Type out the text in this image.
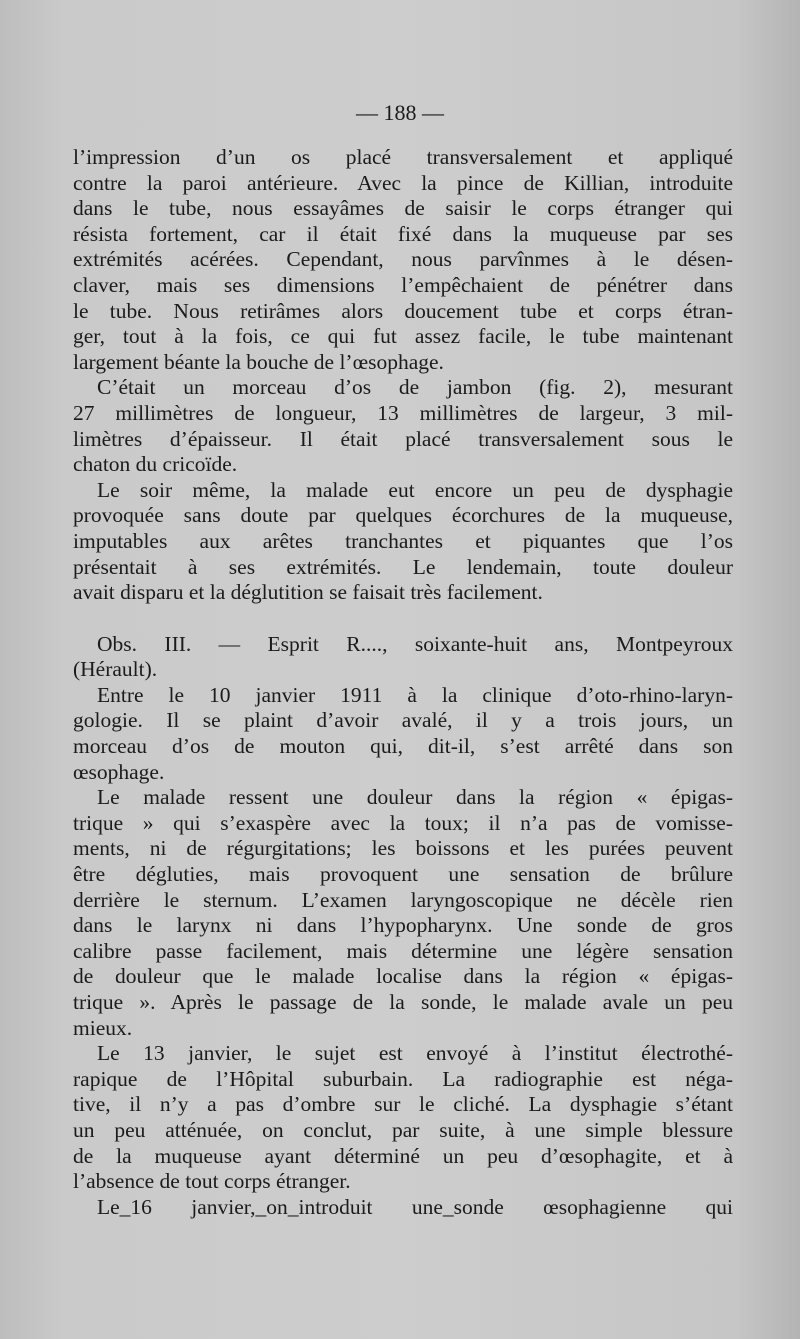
— 188 —
l’impression d’un os placé transversalement et appliqué
contre la paroi antérieure. Avec la pince de Killian, introduite
dans le tube, nous essayâmes de saisir le corps étranger qui
résista fortement, car il était fixé dans la muqueuse par ses
extrémités acérées. Cependant, nous parvînmes à le désen-
claver, mais ses dimensions l’empêchaient de pénétrer dans
le tube. Nous retirâmes alors doucement tube et corps étran-
ger, tout à la fois, ce qui fut assez facile, le tube maintenant
largement béante la bouche de l’œsophage.
C’était un morceau d’os de jambon (fig. 2), mesurant
27 millimètres de longueur, 13 millimètres de largeur, 3 mil-
limètres d’épaisseur. Il était placé transversalement sous le
chaton du cricoïde.
Le soir même, la malade eut encore un peu de dysphagie
provoquée sans doute par quelques écorchures de la muqueuse,
imputables aux arêtes tranchantes et piquantes que l’os
présentait à ses extrémités. Le lendemain, toute douleur
avait disparu et la déglutition se faisait très facilement.
Obs. III. — Esprit R...., soixante-huit ans, Montpeyroux
(Hérault).
Entre le 10 janvier 1911 à la clinique d’oto-rhino-laryn-
gologie. Il se plaint d’avoir avalé, il y a trois jours, un
morceau d’os de mouton qui, dit-il, s’est arrêté dans son
œsophage.
Le malade ressent une douleur dans la région « épigas-
trique » qui s’exaspère avec la toux; il n’a pas de vomisse-
ments, ni de régurgitations; les boissons et les purées peuvent
être dégluties, mais provoquent une sensation de brûlure
derrière le sternum. L’examen laryngoscopique ne décèle rien
dans le larynx ni dans l’hypopharynx. Une sonde de gros
calibre passe facilement, mais détermine une légère sensation
de douleur que le malade localise dans la région « épigas-
trique ». Après le passage de la sonde, le malade avale un peu
mieux.
Le 13 janvier, le sujet est envoyé à l’institut électrothé-
rapique de l’Hôpital suburbain. La radiographie est néga-
tive, il n’y a pas d’ombre sur le cliché. La dysphagie s’étant
un peu atténuée, on conclut, par suite, à une simple blessure
de la muqueuse ayant déterminé un peu d’œsophagite, et à
l’absence de tout corps étranger.
Le_16 janvier,_on_introduit une_sonde œsophagienne qui
